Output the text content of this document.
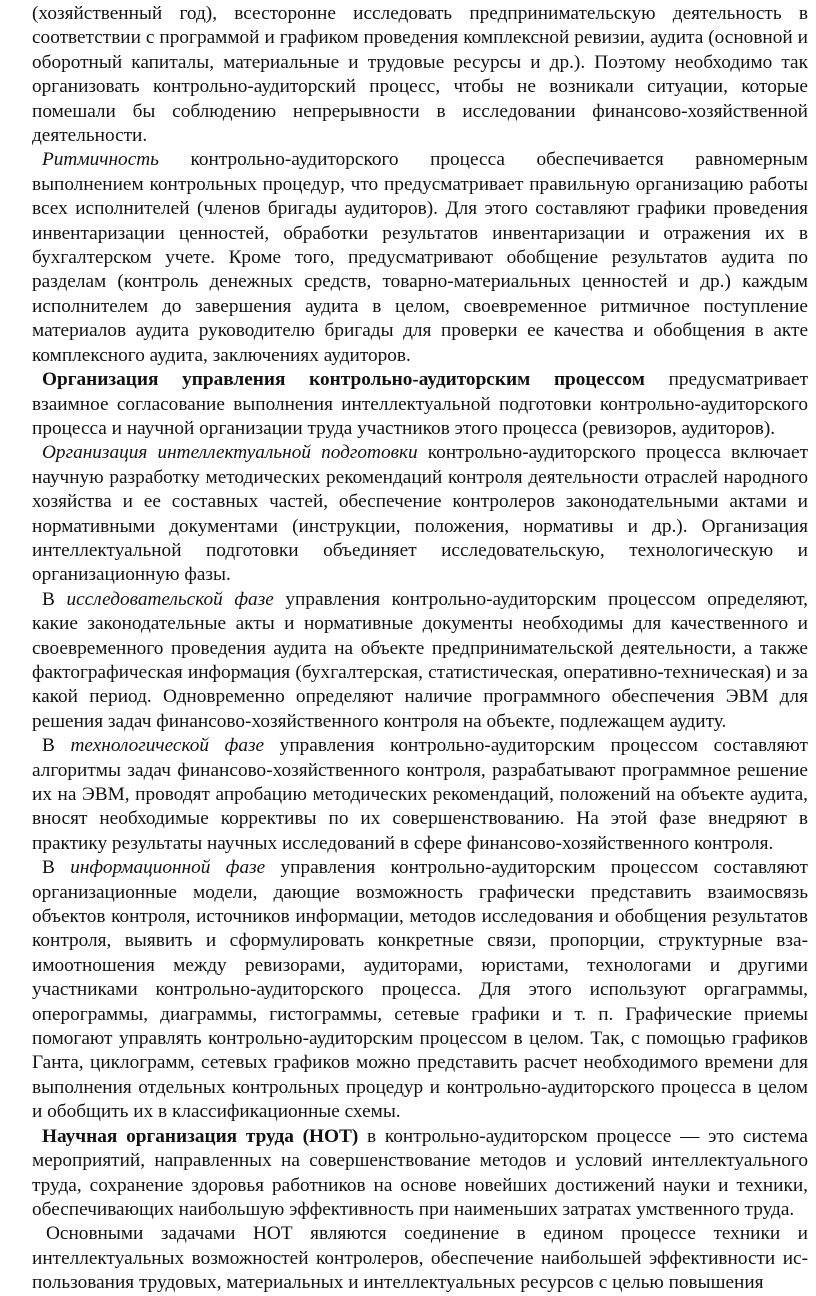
(хозяйственный год), всесторонне исследовать предпринимательскую деятельность в соответствии с программой и графиком проведения комплексной ревизии, аудита (основной и оборотный капиталы, материальные и трудовые ресурсы и др.). Поэтому необходимо так организовать контрольно-аудиторский процесс, чтобы не возникали ситуации, которые помешали бы соблюдению непрерывности в исследовании финансово-хозяйственной деятельности.

Ритмичность контрольно-аудиторского процесса обеспечивается равномерным выполнением контрольных процедур, что предусматривает правильную организацию работы всех исполнителей (членов бригады аудиторов). Для этого составляют графики проведения инвентаризации ценностей, обработки результатов инвентаризации и отражения их в бухгалтерском учете. Кроме того, предусматривают обобщение результатов аудита по разделам (контроль денежных средств, товарно-материальных ценностей и др.) каждым исполнителем до завершения аудита в целом, своевременное ритмичное поступление материалов аудита руководителю бригады для проверки ее качества и обобщения в акте комплексного аудита, заключениях аудиторов.

Организация управления контрольно-аудиторским процессом предусматривает взаимное согласование выполнения интеллектуальной подготовки контрольно-аудиторского процесса и научной организации труда участников этого процесса (ревизоров, аудиторов).

Организация интеллектуальной подготовки контрольно-аудиторского процесса включает научную разработку методических рекомендаций контроля деятельности отраслей народного хозяйства и ее составных частей, обеспечение контролеров законодательными актами и нормативными документами (инструкции, положения, нормативы и др.). Организация интеллектуальной подготовки объединяет исследовательскую, технологическую и организационную фазы.

В исследовательской фазе управления контрольно-аудиторским процессом определяют, какие законодательные акты и нормативные документы необходимы для качественного и своевременного проведения аудита на объекте предпринимательской деятельности, а также фактографическая информация (бухгалтерская, статистическая, оперативно-техническая) и за какой период. Одновременно определяют наличие программного обеспечения ЭВМ для решения задач финансово-хозяйственного контроля на объекте, подлежащем аудиту.

В технологической фазе управления контрольно-аудиторским процессом составляют алгоритмы задач финансово-хозяйственного контроля, разрабатывают программное решение их на ЭВМ, проводят апробацию методических рекомендаций, положений на объекте аудита, вносят необходимые коррективы по их совершенствованию. На этой фазе внедряют в практику результаты научных исследований в сфере финансово-хозяйственного контроля.

В информационной фазе управления контрольно-аудиторским процессом составляют организационные модели, дающие возможность графически представить взаимосвязь объектов контроля, источников информации, методов исследования и обобщения результатов контроля, выявить и сформулировать конкретные связи, пропорции, структурные взаимоотношения между ревизорами, аудиторами, юристами, технологами и другими участниками контрольно-аудиторского процесса. Для этого используют оргаграммы, оперограммы, диаграммы, гистограммы, сетевые графики и т. п. Графические приемы помогают управлять контрольно-аудиторским процессом в целом. Так, с помощью графиков Ганта, циклограмм, сетевых графиков можно представить расчет необходимого времени для выполнения отдельных контрольных процедур и контрольно-аудиторского процесса в целом и обобщить их в классификационные схемы.

Научная организация труда (НОТ) в контрольно-аудиторском процессе — это система мероприятий, направленных на совершенствование методов и условий интеллектуального труда, сохранение здоровья работников на основе новейших достижений науки и техники, обеспечивающих наибольшую эффективность при наименьших затратах умственного труда.

Основными задачами НОТ являются соединение в едином процессе техники и интеллектуальных возможностей контролеров, обеспечение наибольшей эффективности использования трудовых, материальных и интеллектуальных ресурсов с целью повышения
